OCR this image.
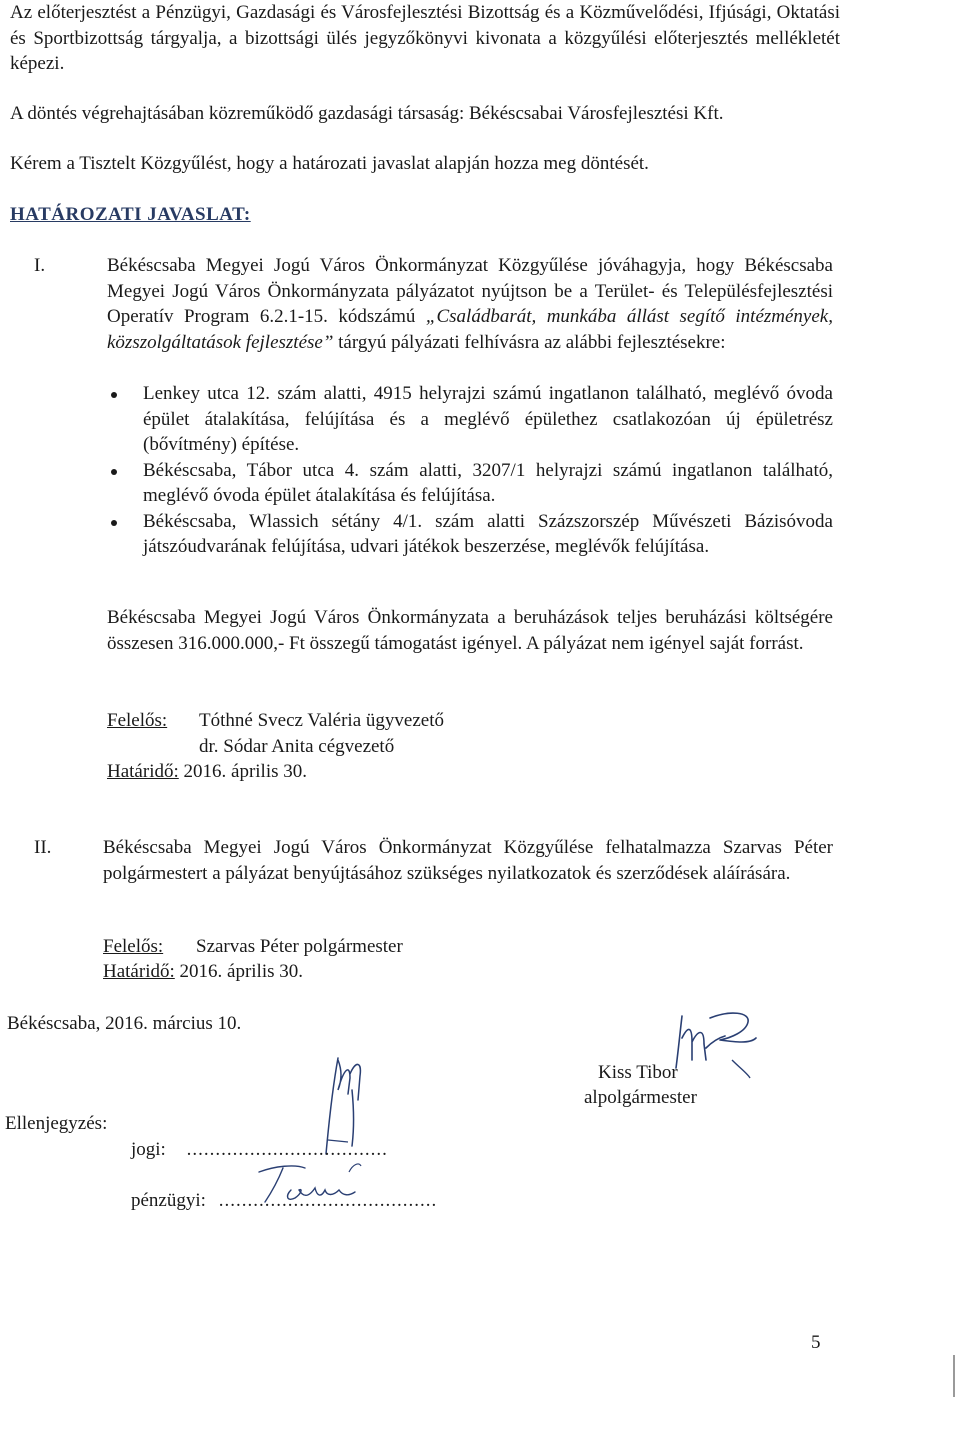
Az előterjesztést a Pénzügyi, Gazdasági és Városfejlesztési Bizottság és a Közművelődési, Ifjúsági, Oktatási és Sportbizottság tárgyalja, a bizottsági ülés jegyzőkönyvi kivonata a közgyűlési előterjesztés mellékletét képezi.

A döntés végrehajtásában közreműködő gazdasági társaság: Békéscsabai Városfejlesztési Kft.

Kérem a Tisztelt Közgyűlést, hogy a határozati javaslat alapján hozza meg döntését.

HATÁROZATI JAVASLAT:

I.	Békéscsaba Megyei Jogú Város Önkormányzat Közgyűlése jóváhagyja, hogy Békéscsaba Megyei Jogú Város Önkormányzata pályázatot nyújtson be a Terület- és Településfejlesztési Operatív Program 6.2.1-15. kódszámú „Családbarát, munkába állást segítő intézmények, közszolgáltatások fejlesztése” tárgyú pályázati felhívásra az alábbi fejlesztésekre:

Lenkey utca 12. szám alatti, 4915 helyrajzi számú ingatlanon található, meglévő óvoda épület átalakítása, felújítása és a meglévő épülethez csatlakozóan új épületrész (bővítmény) építése.

Békéscsaba, Tábor utca 4. szám alatti, 3207/1 helyrajzi számú ingatlanon található, meglévő óvoda épület átalakítása és felújítása.

Békéscsaba, Wlassich sétány 4/1. szám alatti Százszorszép Művészeti Bázisóvoda játszóudvarának felújítása, udvari játékok beszerzése, meglévők felújítása.

Békéscsaba Megyei Jogú Város Önkormányzata a beruházások teljes beruházási költségére összesen 316.000.000,- Ft összegű támogatást igényel. A pályázat nem igényel saját forrást.

Felelős: Tóthné Svecz Valéria ügyvezető
dr. Sódar Anita cégvezető
Határidő: 2016. április 30.
II.	Békéscsaba Megyei Jogú Város Önkormányzat Közgyűlése felhatalmazza Szarvas Péter polgármestert a pályázat benyújtásához szükséges nyilatkozatok és szerződések aláírására.

Felelős: Szarvas Péter polgármester
Határidő: 2016. április 30.

Békéscsaba, 2016. március 10.

Kiss Tibor

alpolgármester

Ellenjegyzés:

jogi: ...................................

pénzügyi: ......................................

5
